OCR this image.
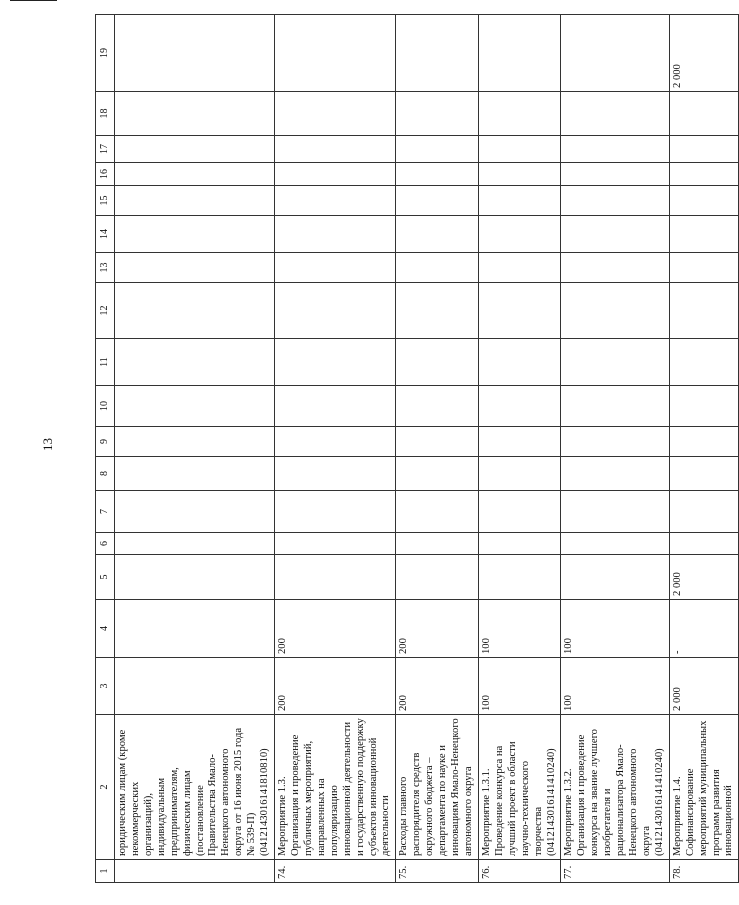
13
1	2	3	4	5	6	7	8	9	10	11	12	13	14	15	16	17	18	19
	юридическим лицам (кроме некоммерческих организаций), индивидуальным предпринимателям, физическим лицам (постановление Правительства Ямало-Ненецкого автономного округа от 16 июня 2015 года № 539-П) (0412143016141810810)																	
74.	Мероприятие 1.3. Организация и проведение публичных мероприятий, направленных на популяризацию инновационной деятельности и государственную поддержку субъектов инновационной деятельности	200	200															
75.	Расходы главного распорядителя средств окружного бюджета – департамента по науке и инновациям Ямало-Ненецкого автономного округа	200	200															
76.	Мероприятие 1.3.1. Проведение конкурса на лучший проект в области научно-технического творчества (0412143016141410240)	100	100															
77.	Мероприятие 1.3.2. Организация и проведение конкурса на звание лучшего изобретателя и рационализатора Ямало-Ненецкого автономного округа (0412143016141410240)	100	100															
78.	Мероприятие 1.4. Софинансирование мероприятий муниципальных программ развития инновационной	2 000	-	2 000														2 000
